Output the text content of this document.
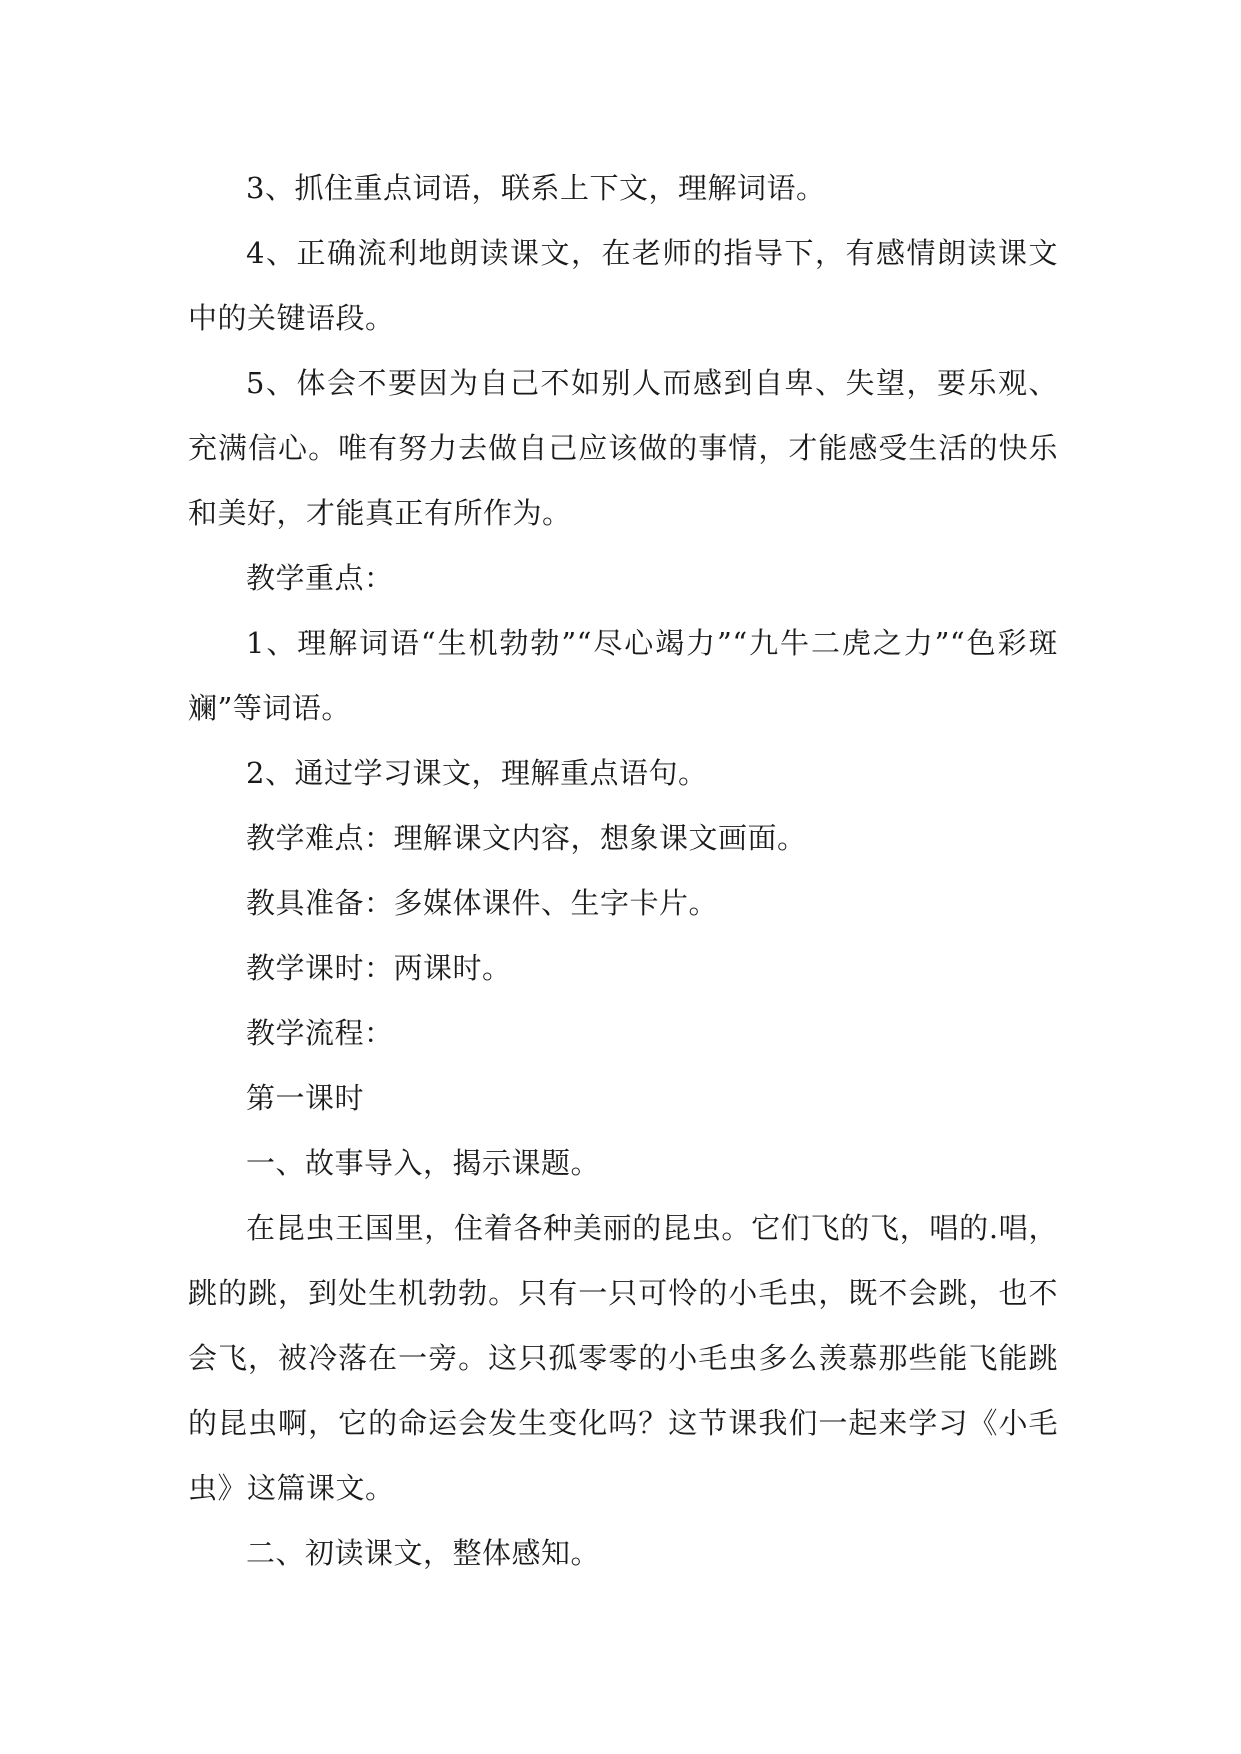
3、抓住重点词语，联系上下文，理解词语。

4、正确流利地朗读课文，在老师的指导下，有感情朗读课文中的关键语段。

5、体会不要因为自己不如别人而感到自卑、失望，要乐观、充满信心。唯有努力去做自己应该做的事情，才能感受生活的快乐和美好，才能真正有所作为。

教学重点：

1、理解词语“生机勃勃”“尽心竭力”“九牛二虎之力”“色彩斑斓”等词语。

2、通过学习课文，理解重点语句。

教学难点：理解课文内容，想象课文画面。

教具准备：多媒体课件、生字卡片。

教学课时：两课时。

教学流程：

第一课时

一、故事导入，揭示课题。

在昆虫王国里，住着各种美丽的昆虫。它们飞的飞，唱的.唱，跳的跳，到处生机勃勃。只有一只可怜的小毛虫，既不会跳，也不会飞，被冷落在一旁。这只孤零零的小毛虫多么羡慕那些能飞能跳的昆虫啊，它的命运会发生变化吗？这节课我们一起来学习《小毛虫》这篇课文。

二、初读课文，整体感知。
